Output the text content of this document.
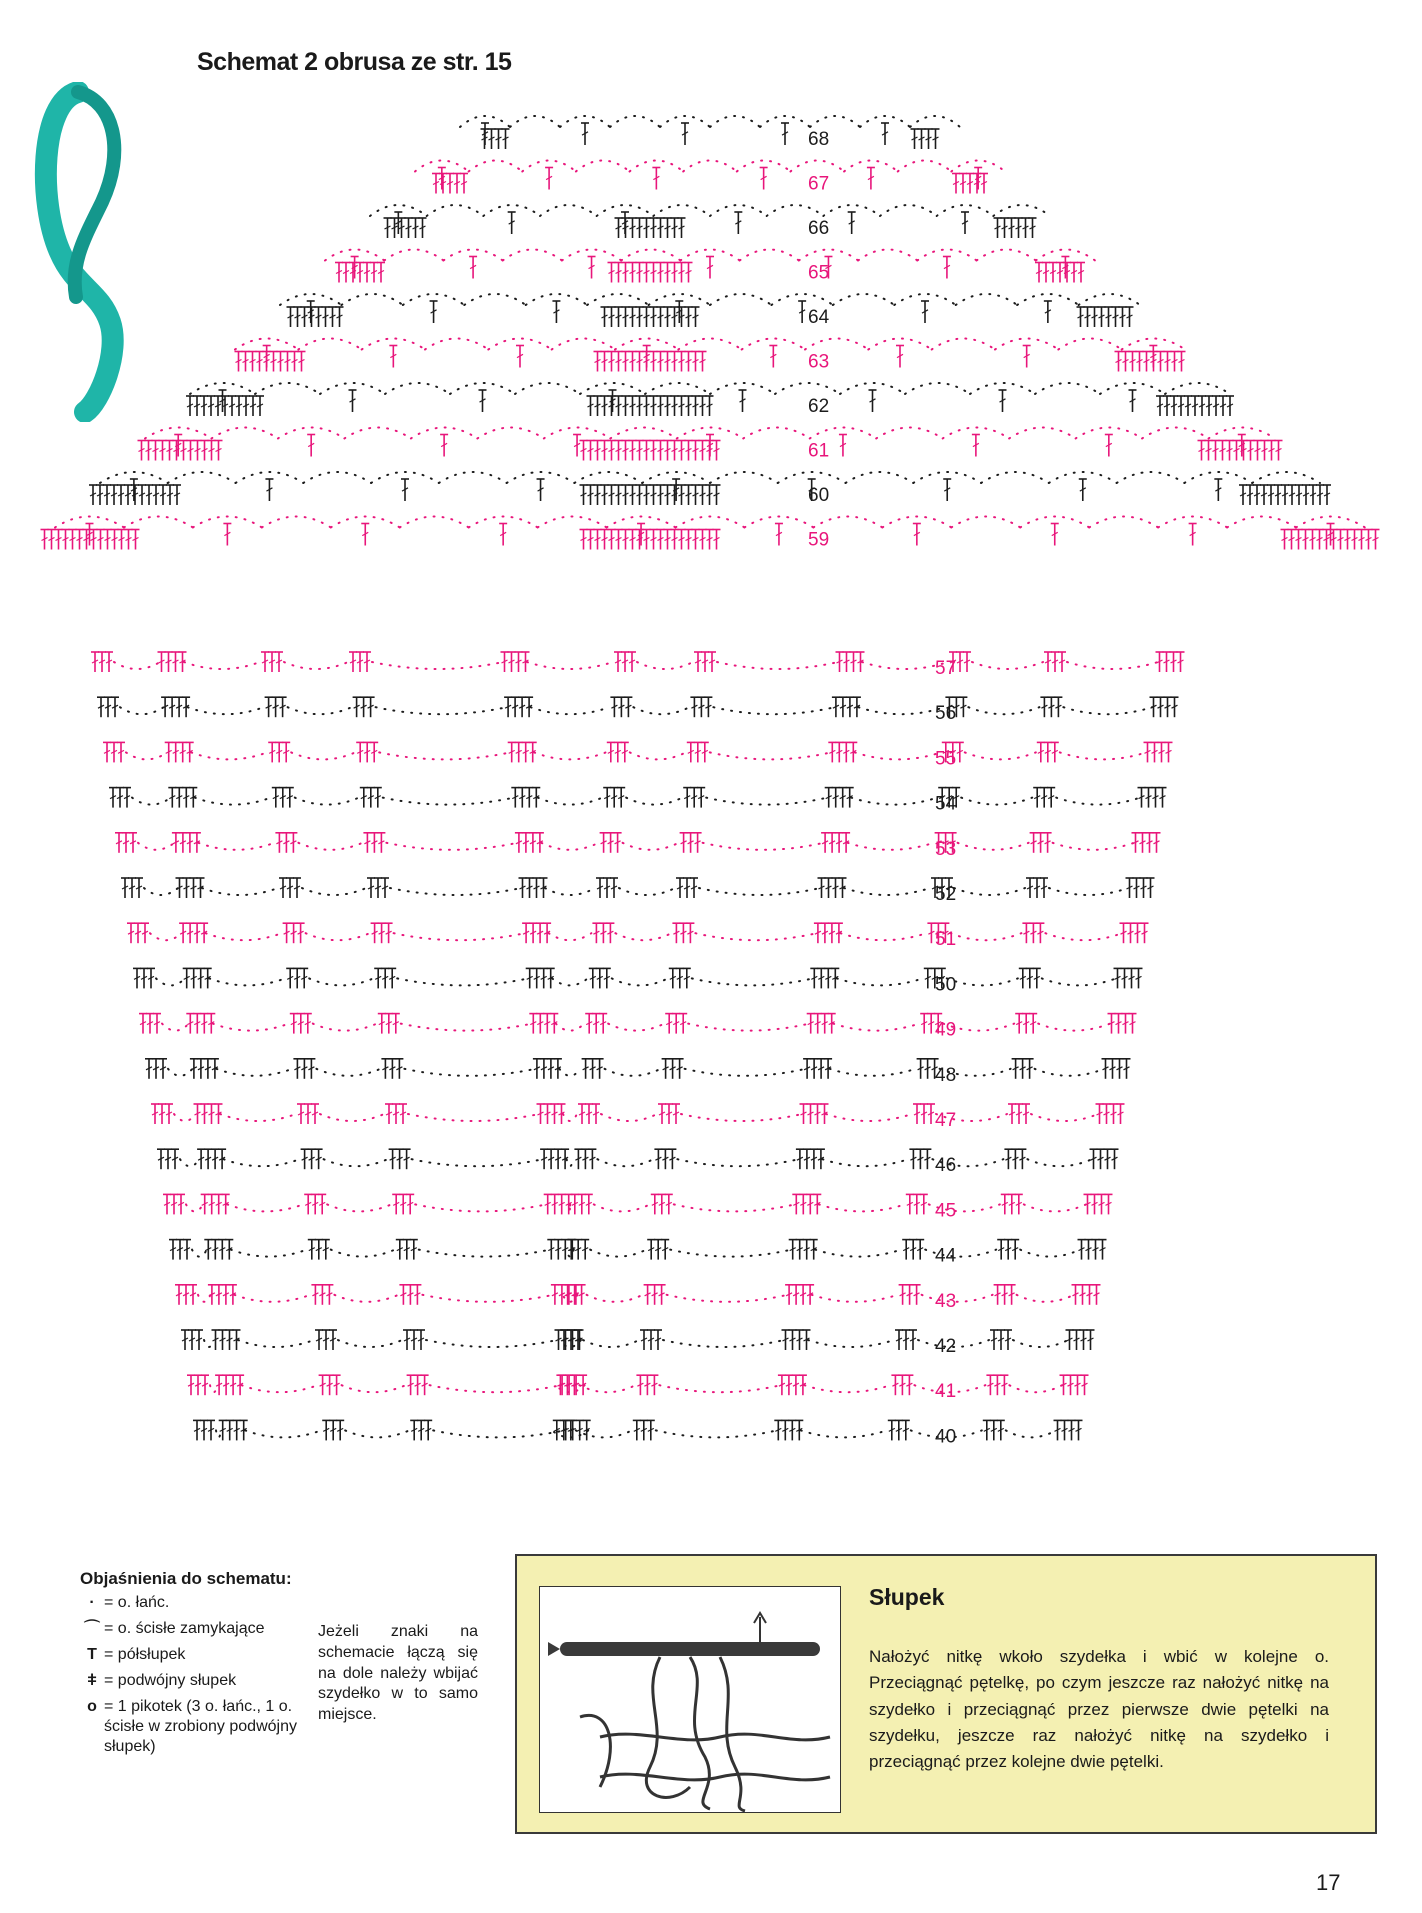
Schemat 2 obrusa ze str. 15
68
67
66
65
64
63
62
61
60
59
57
56
55
54
53
52
51
50
49
48
47
46
45
44
43
42
41
40
Objaśnienia do schematu:
· = o. łańc.
⌒ = o. ścisłe zamykające
T = półsłupek
ǂ = podwójny słupek
o = 1 pikotek (3 o. łańc., 1 o. ścisłe w zrobiony podwójny słupek)
Jeżeli znaki na schemacie łączą się na dole należy wbijać szydełko w to samo miejsce.
Słupek
Nałożyć nitkę wkoło szydełka i wbić w kolejne o. Przeciągnąć pętelkę, po czym jeszcze raz nałożyć nitkę na szydełko i przeciągnąć przez pierwsze dwie pętelki na szydełku, jeszcze raz nałożyć nitkę na szydełko i przeciągnąć przez kolejne dwie pętelki.
17
